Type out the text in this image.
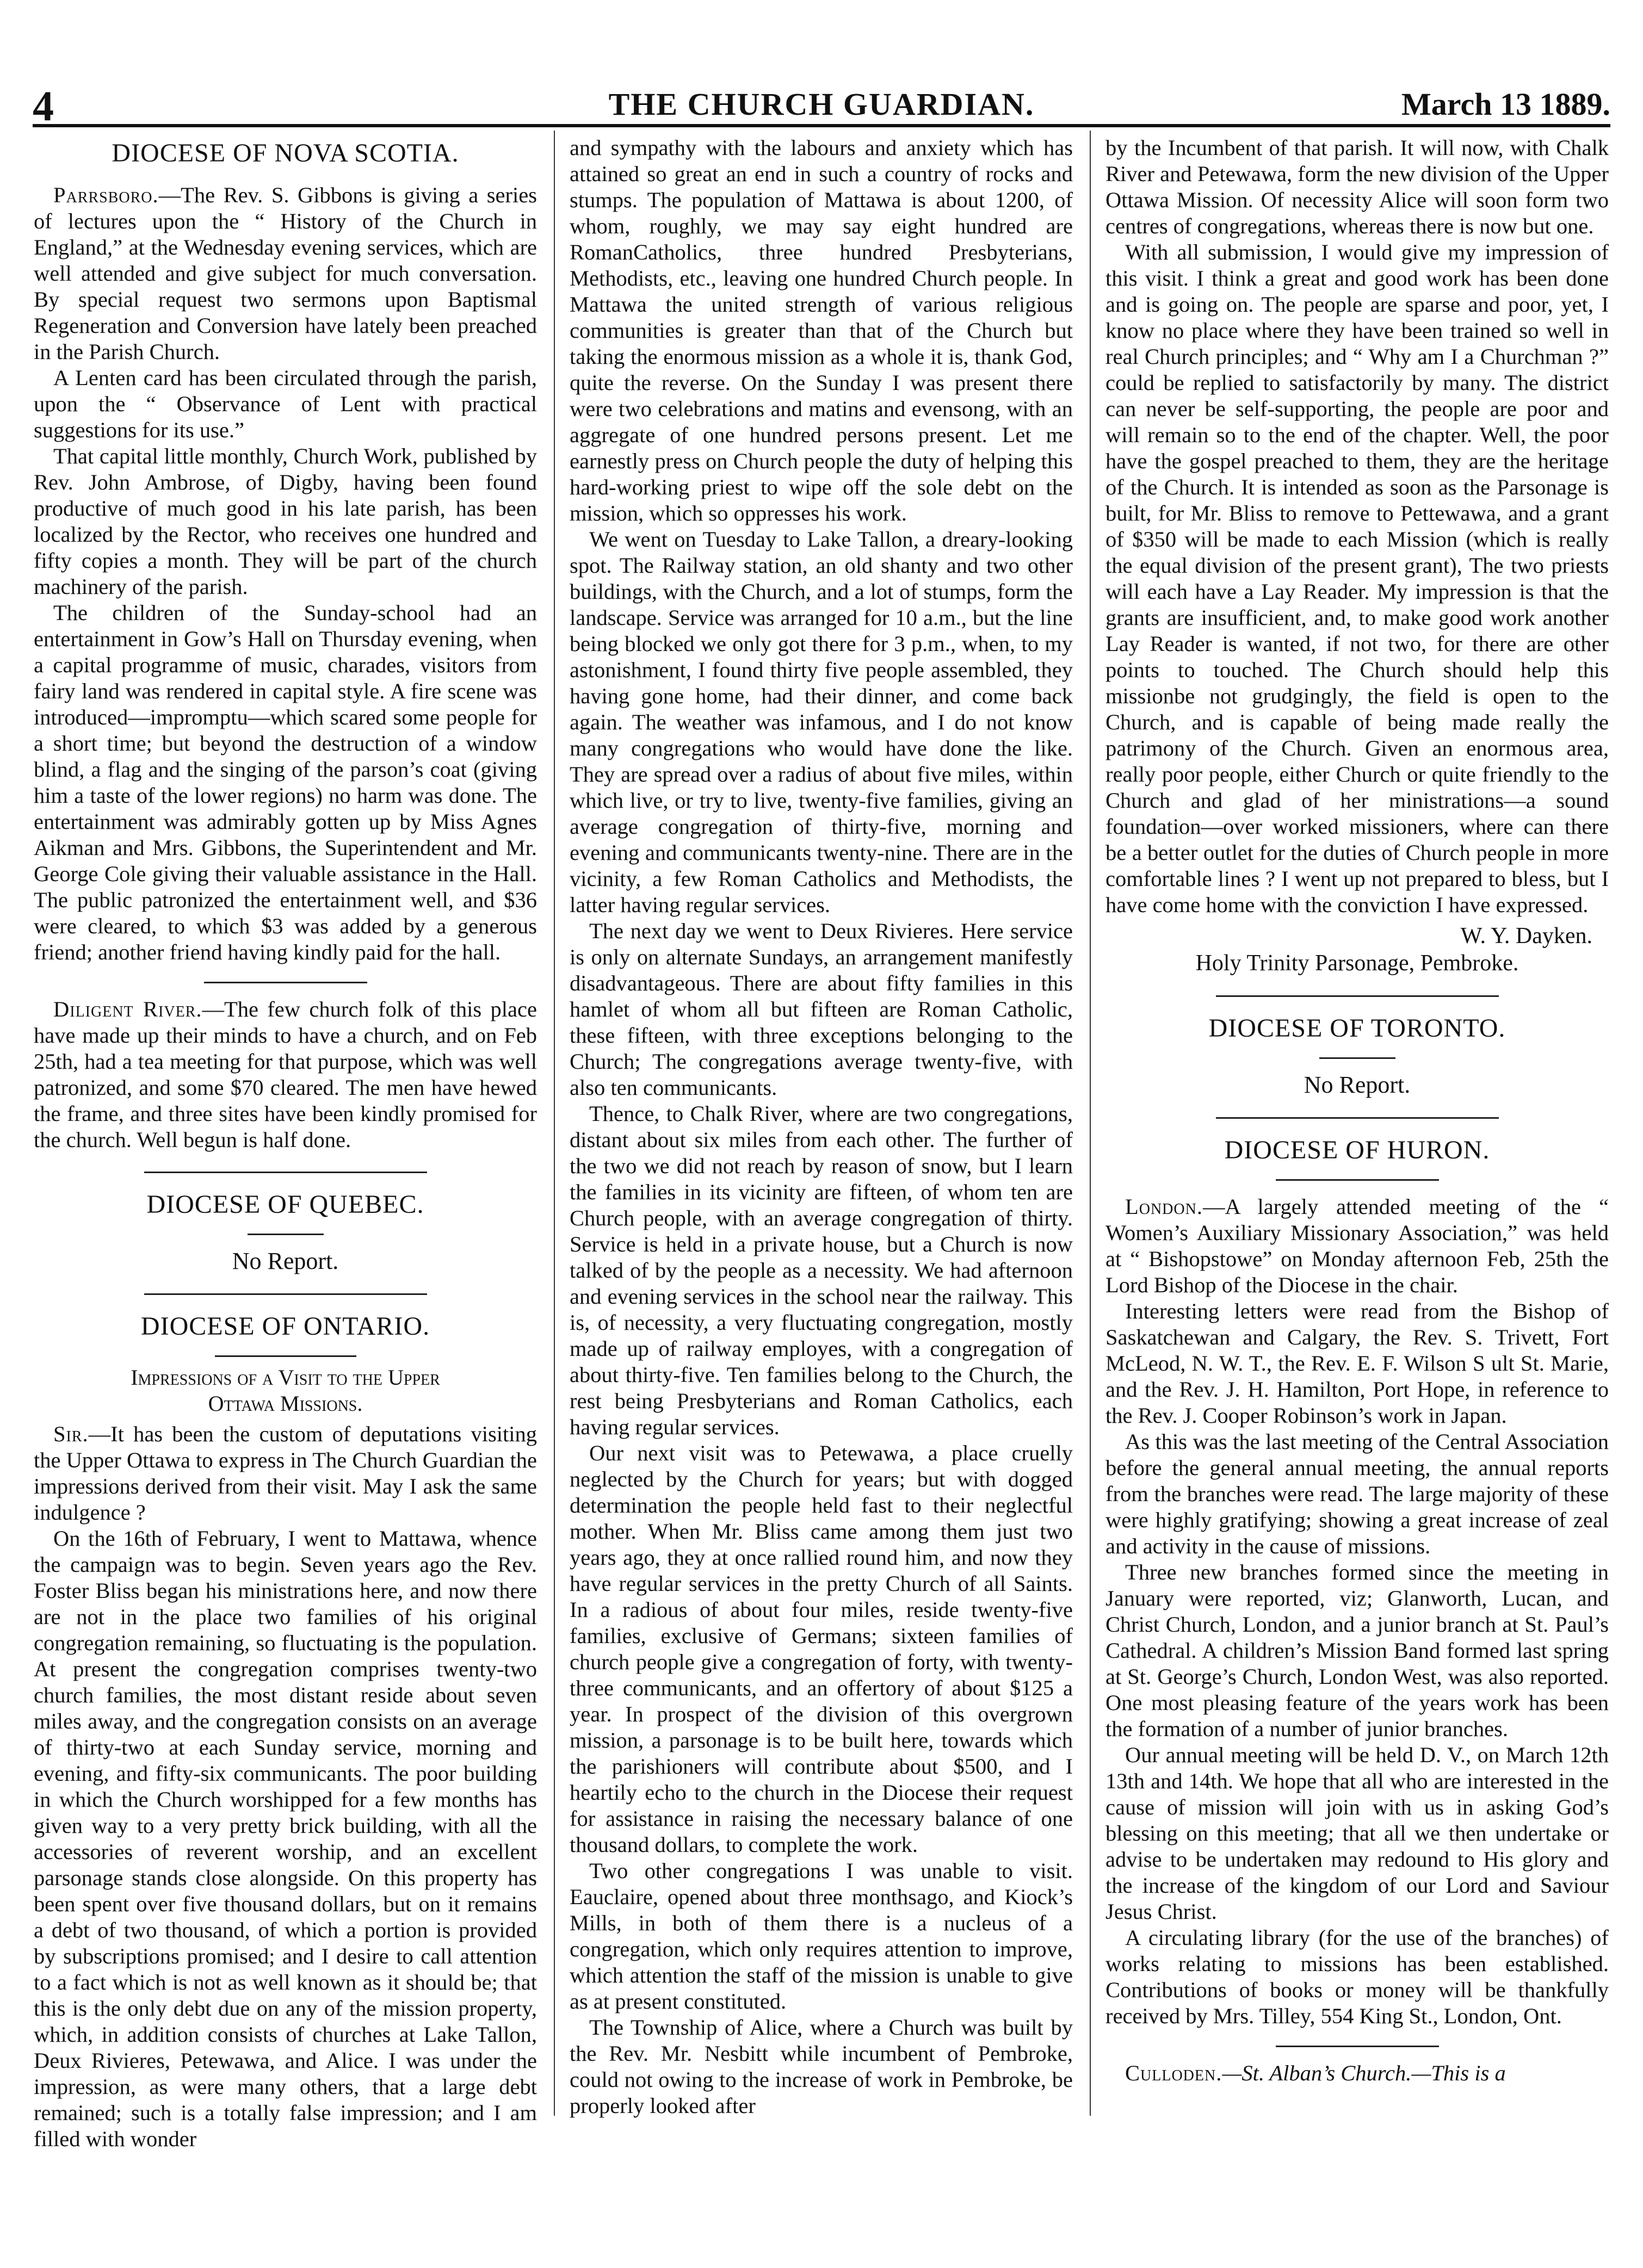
4	THE CHURCH GUARDIAN.	March 13 1889.
DIOCESE OF NOVA SCOTIA.

Parrsboro.—The Rev. S. Gibbons is giving a series of lectures upon the “ History of the Church in England,” at the Wednesday evening services, which are well attended and give subject for much conversation. By special request two sermons upon Baptismal Regeneration and Conversion have lately been preached in the Parish Church.

A Lenten card has been circulated through the parish, upon the “ Observance of Lent with practical suggestions for its use.”

That capital little monthly, Church Work, published by Rev. John Ambrose, of Digby, having been found productive of much good in his late parish, has been localized by the Rector, who receives one hundred and fifty copies a month. They will be part of the church machinery of the parish.

The children of the Sunday-school had an entertainment in Gow’s Hall on Thursday evening, when a capital programme of music, charades, visitors from fairy land was rendered in capital style. A fire scene was introduced—impromptu—which scared some people for a short time; but beyond the destruction of a window blind, a flag and the singing of the parson’s coat (giving him a taste of the lower regions) no harm was done. The entertainment was admirably gotten up by Miss Agnes Aikman and Mrs. Gibbons, the Superintendent and Mr. George Cole giving their valuable assistance in the Hall. The public patronized the entertainment well, and $36 were cleared, to which $3 was added by a generous friend; another friend having kindly paid for the hall.

Diligent River.—The few church folk of this place have made up their minds to have a church, and on Feb 25th, had a tea meeting for that purpose, which was well patronized, and some $70 cleared. The men have hewed the frame, and three sites have been kindly promised for the church. Well begun is half done.

DIOCESE OF QUEBEC.
No Report.
DIOCESE OF ONTARIO.
Impressions of a Visit to the Upper
Ottawa Missions.

Sir.—It has been the custom of deputations visiting the Upper Ottawa to express in The Church Guardian the impressions derived from their visit. May I ask the same indulgence ?

On the 16th of February, I went to Mattawa, whence the campaign was to begin. Seven years ago the Rev. Foster Bliss began his ministrations here, and now there are not in the place two families of his original congregation remaining, so fluctuating is the population. At present the congregation comprises twenty-two church families, the most distant reside about seven miles away, and the congregation consists on an average of thirty-two at each Sunday service, morning and evening, and fifty-six communicants. The poor building in which the Church worshipped for a few months has given way to a very pretty brick building, with all the accessories of reverent worship, and an excellent parsonage stands close alongside. On this property has been spent over five thousand dollars, but on it remains a debt of two thousand, of which a portion is provided by subscriptions promised; and I desire to call attention to a fact which is not as well known as it should be; that this is the only debt due on any of the mission property, which, in addition consists of churches at Lake Tallon, Deux Rivieres, Petewawa, and Alice. I was under the impression, as were many others, that a large debt remained; such is a totally false impression; and I am filled with wonder

and sympathy with the labours and anxiety which has attained so great an end in such a country of rocks and stumps. The population of Mattawa is about 1200, of whom, roughly, we may say eight hundred are RomanCatholics, three hundred Presbyterians, Methodists, etc., leaving one hundred Church people. In Mattawa the united strength of various religious communities is greater than that of the Church but taking the enormous mission as a whole it is, thank God, quite the reverse. On the Sunday I was present there were two celebrations and matins and evensong, with an aggregate of one hundred persons present. Let me earnestly press on Church people the duty of helping this hard-working priest to wipe off the sole debt on the mission, which so oppresses his work.

We went on Tuesday to Lake Tallon, a dreary-looking spot. The Railway station, an old shanty and two other buildings, with the Church, and a lot of stumps, form the landscape. Service was arranged for 10 a.m., but the line being blocked we only got there for 3 p.m., when, to my astonishment, I found thirty five people assembled, they having gone home, had their dinner, and come back again. The weather was infamous, and I do not know many congregations who would have done the like. They are spread over a radius of about five miles, within which live, or try to live, twenty-five families, giving an average congregation of thirty-five, morning and evening and communicants twenty-nine. There are in the vicinity, a few Roman Catholics and Methodists, the latter having regular services.

The next day we went to Deux Rivieres. Here service is only on alternate Sundays, an arrangement manifestly disadvantageous. There are about fifty families in this hamlet of whom all but fifteen are Roman Catholic, these fifteen, with three exceptions belonging to the Church; The congregations average twenty-five, with also ten communicants.

Thence, to Chalk River, where are two congregations, distant about six miles from each other. The further of the two we did not reach by reason of snow, but I learn the families in its vicinity are fifteen, of whom ten are Church people, with an average congregation of thirty. Service is held in a private house, but a Church is now talked of by the people as a necessity. We had afternoon and evening services in the school near the railway. This is, of necessity, a very fluctuating congregation, mostly made up of railway employes, with a congregation of about thirty-five. Ten families belong to the Church, the rest being Presbyterians and Roman Catholics, each having regular services.

Our next visit was to Petewawa, a place cruelly neglected by the Church for years; but with dogged determination the people held fast to their neglectful mother. When Mr. Bliss came among them just two years ago, they at once rallied round him, and now they have regular services in the pretty Church of all Saints. In a radious of about four miles, reside twenty-five families, exclusive of Germans; sixteen families of church people give a congregation of forty, with twenty-three communicants, and an offertory of about $125 a year. In prospect of the division of this overgrown mission, a parsonage is to be built here, towards which the parishioners will contribute about $500, and I heartily echo to the church in the Diocese their request for assistance in raising the necessary balance of one thousand dollars, to complete the work.

Two other congregations I was unable to visit. Eauclaire, opened about three monthsago, and Kiock’s Mills, in both of them there is a nucleus of a congregation, which only requires attention to improve, which attention the staff of the mission is unable to give as at present constituted.

The Township of Alice, where a Church was built by the Rev. Mr. Nesbitt while incumbent of Pembroke, could not owing to the increase of work in Pembroke, be properly looked after

by the Incumbent of that parish. It will now, with Chalk River and Petewawa, form the new division of the Upper Ottawa Mission. Of necessity Alice will soon form two centres of congregations, whereas there is now but one.

With all submission, I would give my impression of this visit. I think a great and good work has been done and is going on. The people are sparse and poor, yet, I know no place where they have been trained so well in real Church principles; and “ Why am I a Churchman ?” could be replied to satisfactorily by many. The district can never be self-supporting, the people are poor and will remain so to the end of the chapter. Well, the poor have the gospel preached to them, they are the heritage of the Church. It is intended as soon as the Parsonage is built, for Mr. Bliss to remove to Pettewawa, and a grant of $350 will be made to each Mission (which is really the equal division of the present grant), The two priests will each have a Lay Reader. My impression is that the grants are insufficient, and, to make good work another Lay Reader is wanted, if not two, for there are other points to touched. The Church should help this missionbe not grudgingly, the field is open to the Church, and is capable of being made really the patrimony of the Church. Given an enormous area, really poor people, either Church or quite friendly to the Church and glad of her ministrations—a sound foundation—over worked missioners, where can there be a better outlet for the duties of Church people in more comfortable lines ? I went up not prepared to bless, but I have come home with the conviction I have expressed.

W. Y. Dayken.
Holy Trinity Parsonage, Pembroke.
DIOCESE OF TORONTO.
No Report.
DIOCESE OF HURON.

London.—A largely attended meeting of the “ Women’s Auxiliary Missionary Association,” was held at “ Bishopstowe” on Monday afternoon Feb, 25th the Lord Bishop of the Diocese in the chair.

Interesting letters were read from the Bishop of Saskatchewan and Calgary, the Rev. S. Trivett, Fort McLeod, N. W. T., the Rev. E. F. Wilson S ult St. Marie, and the Rev. J. H. Hamilton, Port Hope, in reference to the Rev. J. Cooper Robinson’s work in Japan.

As this was the last meeting of the Central Association before the general annual meeting, the annual reports from the branches were read. The large majority of these were highly gratifying; showing a great increase of zeal and activity in the cause of missions.

Three new branches formed since the meeting in January were reported, viz; Glanworth, Lucan, and Christ Church, London, and a junior branch at St. Paul’s Cathedral. A children’s Mission Band formed last spring at St. George’s Church, London West, was also reported. One most pleasing feature of the years work has been the formation of a number of junior branches.

Our annual meeting will be held D. V., on March 12th 13th and 14th. We hope that all who are interested in the cause of mission will join with us in asking God’s blessing on this meeting; that all we then undertake or advise to be undertaken may redound to His glory and the increase of the kingdom of our Lord and Saviour Jesus Christ.

A circulating library (for the use of the branches) of works relating to missions has been established. Contributions of books or money will be thankfully received by Mrs. Tilley, 554 King St., London, Ont.

Culloden.—St. Alban’s Church.—This is a
